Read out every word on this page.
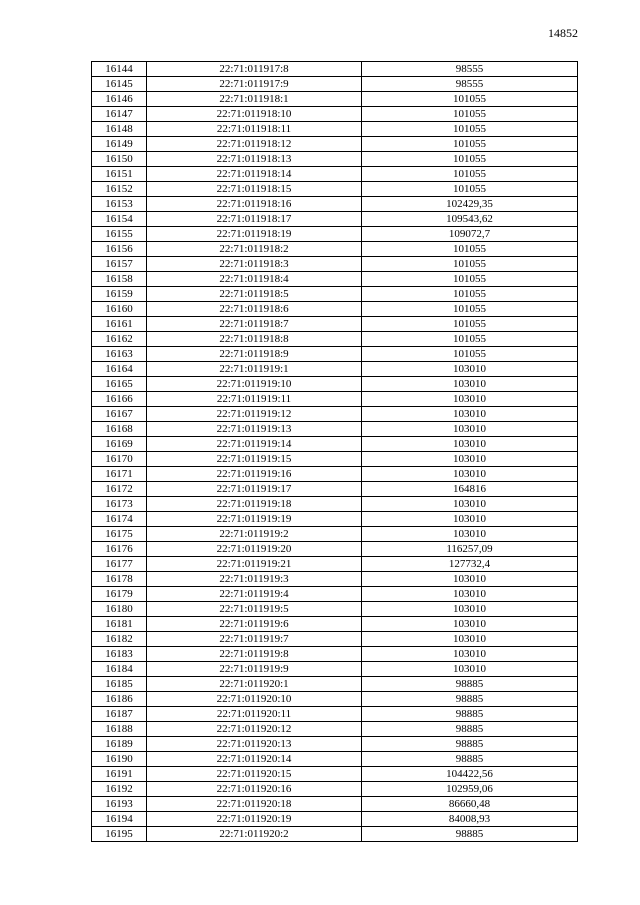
14852
16144	22:71:011917:8	98555
16145	22:71:011917:9	98555
16146	22:71:011918:1	101055
16147	22:71:011918:10	101055
16148	22:71:011918:11	101055
16149	22:71:011918:12	101055
16150	22:71:011918:13	101055
16151	22:71:011918:14	101055
16152	22:71:011918:15	101055
16153	22:71:011918:16	102429,35
16154	22:71:011918:17	109543,62
16155	22:71:011918:19	109072,7
16156	22:71:011918:2	101055
16157	22:71:011918:3	101055
16158	22:71:011918:4	101055
16159	22:71:011918:5	101055
16160	22:71:011918:6	101055
16161	22:71:011918:7	101055
16162	22:71:011918:8	101055
16163	22:71:011918:9	101055
16164	22:71:011919:1	103010
16165	22:71:011919:10	103010
16166	22:71:011919:11	103010
16167	22:71:011919:12	103010
16168	22:71:011919:13	103010
16169	22:71:011919:14	103010
16170	22:71:011919:15	103010
16171	22:71:011919:16	103010
16172	22:71:011919:17	164816
16173	22:71:011919:18	103010
16174	22:71:011919:19	103010
16175	22:71:011919:2	103010
16176	22:71:011919:20	116257,09
16177	22:71:011919:21	127732,4
16178	22:71:011919:3	103010
16179	22:71:011919:4	103010
16180	22:71:011919:5	103010
16181	22:71:011919:6	103010
16182	22:71:011919:7	103010
16183	22:71:011919:8	103010
16184	22:71:011919:9	103010
16185	22:71:011920:1	98885
16186	22:71:011920:10	98885
16187	22:71:011920:11	98885
16188	22:71:011920:12	98885
16189	22:71:011920:13	98885
16190	22:71:011920:14	98885
16191	22:71:011920:15	104422,56
16192	22:71:011920:16	102959,06
16193	22:71:011920:18	86660,48
16194	22:71:011920:19	84008,93
16195	22:71:011920:2	98885
